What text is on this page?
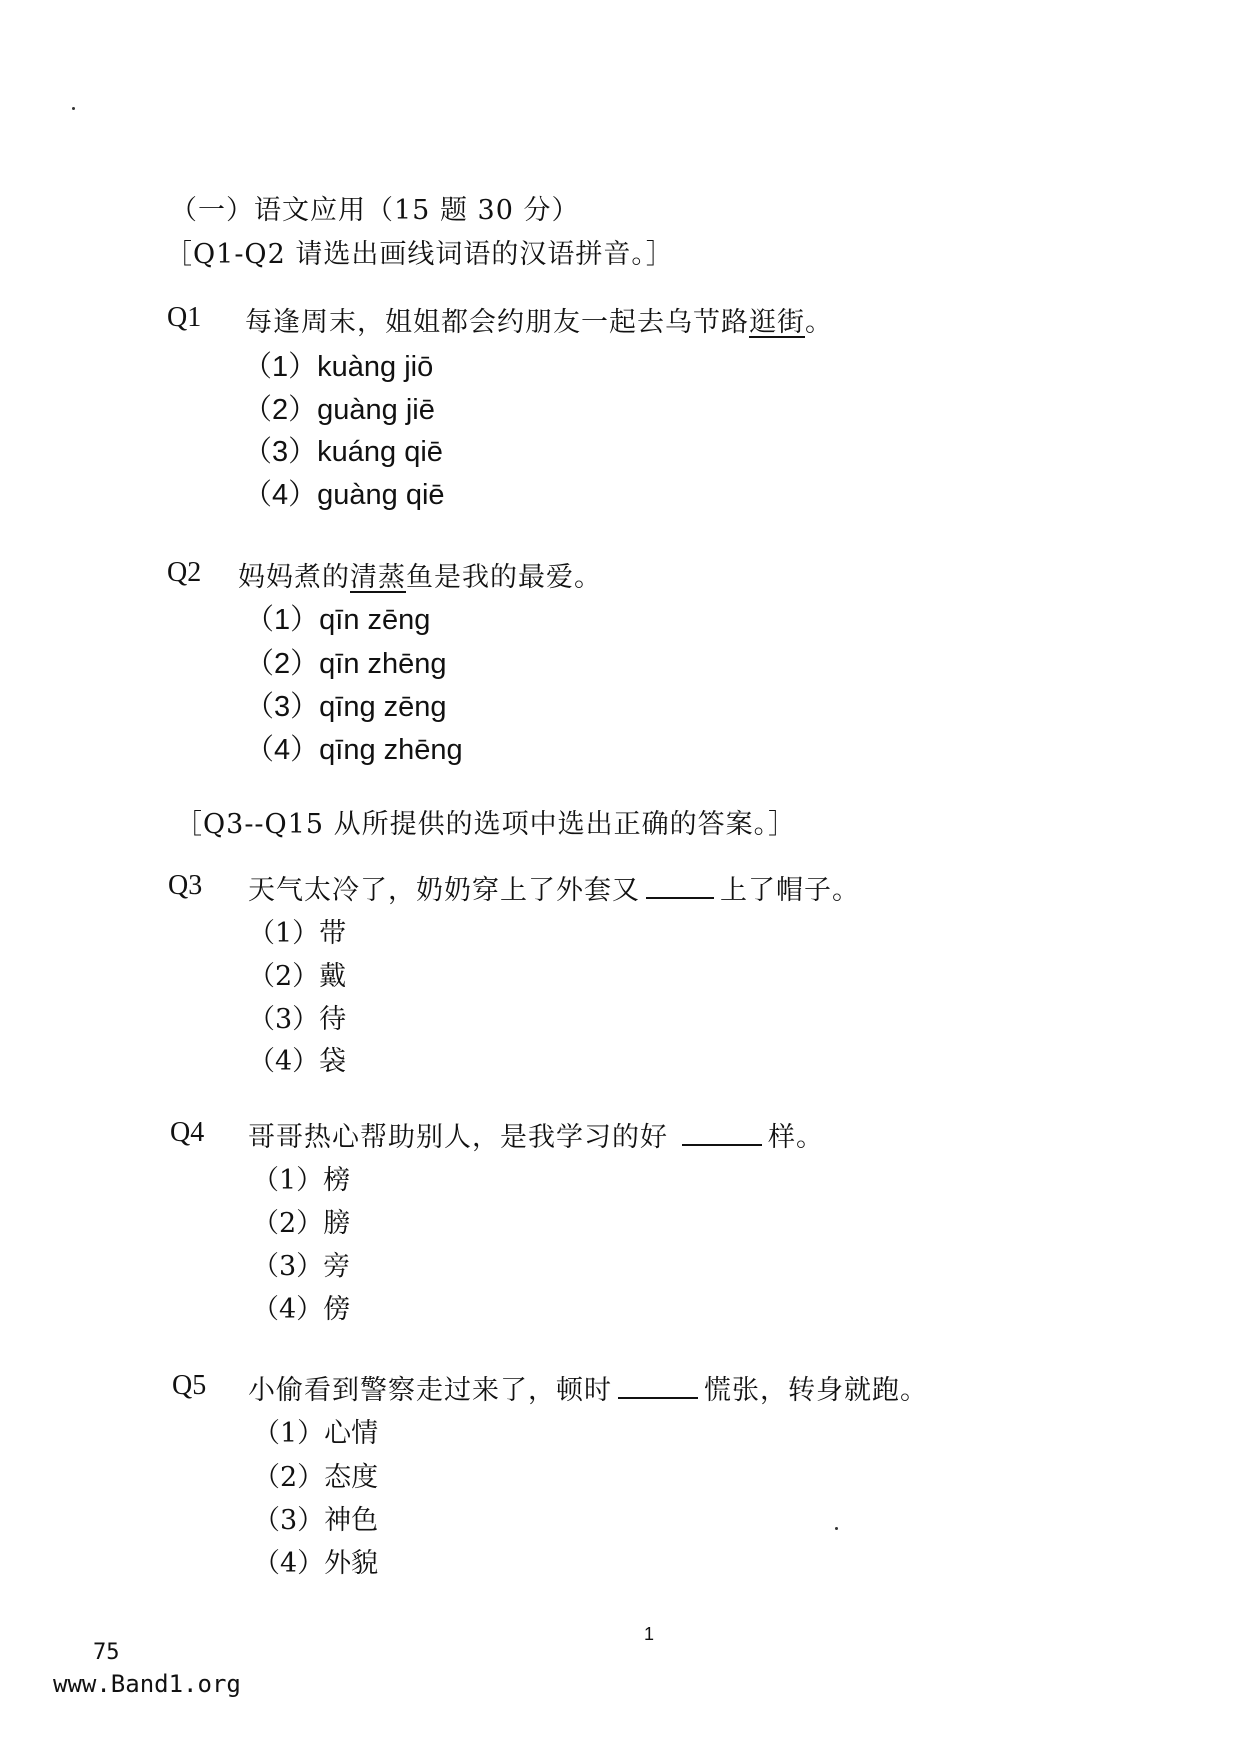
（一）语文应用（15 题 30 分）
［Q1-Q2 请选出画线词语的汉语拼音。］
Q1 每逢周末，姐姐都会约朋友一起去乌节路逛街。
（1）kuàng jiō
（2）guàng jiē
（3）kuáng qiē
（4）guàng qiē
Q2 妈妈煮的清蒸鱼是我的最爱。
（1）qīn zēng
（2）qīn zhēng
（3）qīng zēng
（4）qīng zhēng
［Q3--Q15 从所提供的选项中选出正确的答案。］
Q3 天气太冷了，奶奶穿上了外套又	上了帽子。
（1）带
（2）戴
（3）待
（4）袋
Q4 哥哥热心帮助别人，是我学习的好	样。
（1）榜
（2）膀
（3）旁
（4）傍
Q5 小偷看到警察走过来了，顿时	慌张，转身就跑。
（1）心情
（2）态度
（3）神色
（4）外貌
1
75
www.Band1.org
